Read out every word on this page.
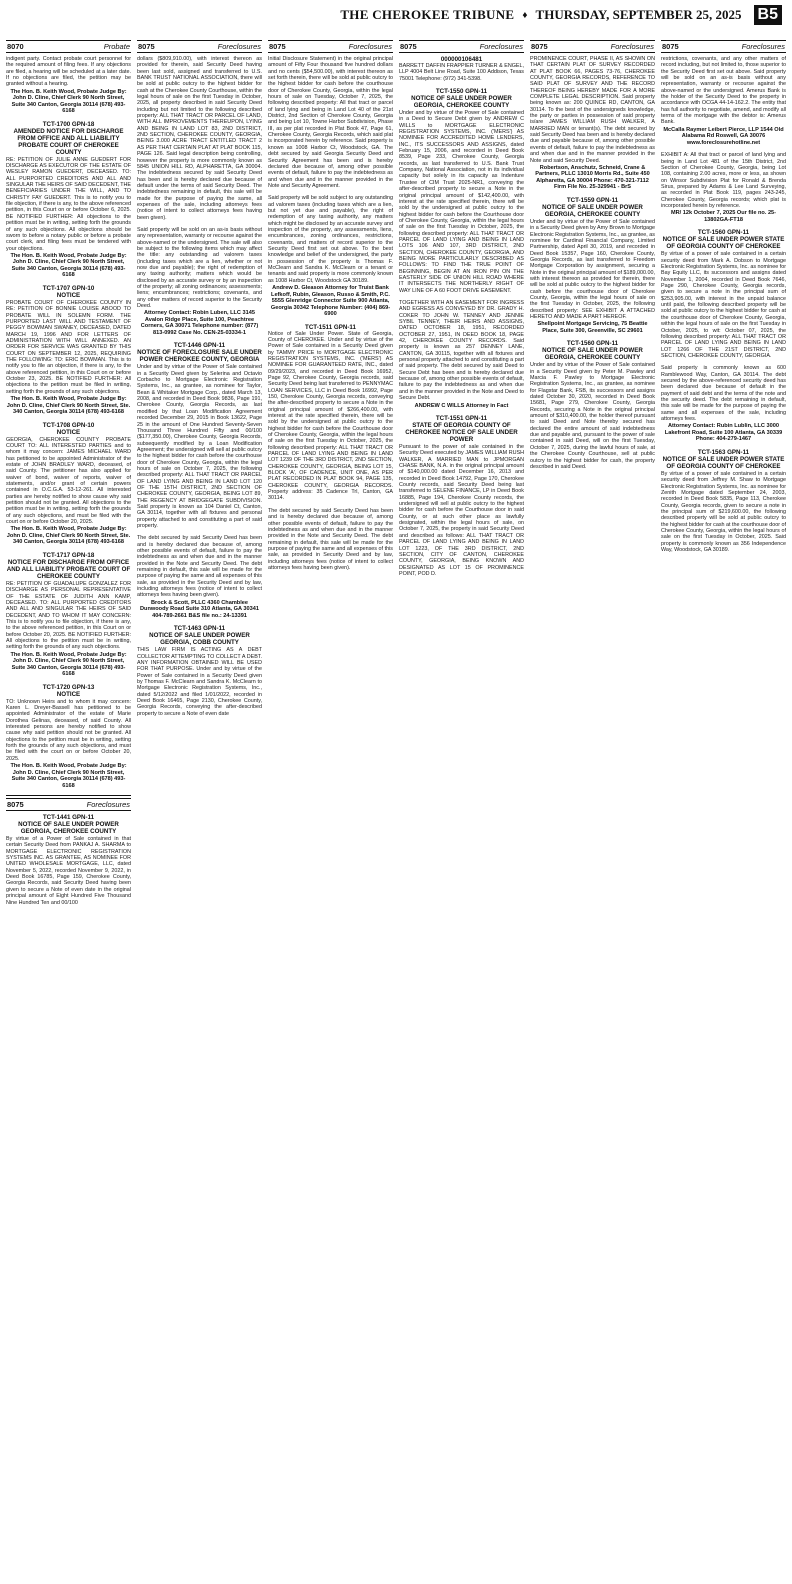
THE CHEROKEE TRIBUNE ♦ THURSDAY, SEPTEMBER 25, 2025 B5
8070	Probate
indigent party. Contact probate court personnel for the required amount of filing fees. If any objections are filed, a hearing will be scheduled at a later date. If no objections are filed, the petition may be granted without a hearing.
The Hon. B. Keith Wood, Probate Judge By: John D. Cline, Chief Clerk 90 North Street, Suite 340 Canton, Georgia 30114 (678) 493-6168
TCT-1700 GPN-18
AMENDED NOTICE FOR DISCHARGE FROM OFFICE AND ALL LIABILITY PROBATE COURT OF CHEROKEE COUNTY
RE: PETITION OF JULIE ANNE GUEDERT FOR DISCHARGE AS EXECUTOR OF THE ESTATE OF WESLEY RAMON GUEDERT, DECEASED. TO: ALL PURPORTED CREDITORS AND ALL AND SINGULAR THE HEIRS OF SAID DECEDENT, THE BENEFICIARIES UNDER THE WILL, AND TO CHRISTY FAY GUEDERT. This is to notify you to file objection, if there is any, to the above referenced petition, in this Court on or before October 6, 2025. BE NOTIFIED FURTHER: All objections to the petition must be in writing, setting forth the grounds of any such objections. All objections should be sworn to before a notary public or before a probate court clerk, and filing fees must be tendered with your objections.
The Hon. B. Keith Wood, Probate Judge By: John D. Cline, Chief Clerk 90 North Street, Suite 340 Canton, Georgia 30114 (678) 493-6168
TCT-1707 GPN-10
NOTICE
PROBATE COURT OF CHEROKEE COUNTY IN RE: PETITION OF BONNIE LOUISE ABOOD TO PROBATE WILL IN SOLEMN FORM. THE PURPORTED LAST WILL AND TESTAMENT OF PEGGY BOWMAN SWANEY, DECEASED, DATED MARCH 19, 1996 AND FOR LETTERS OF ADMINISTRATION WITH WILL ANNEXED. AN ORDER FOR SERVICE WAS GRANTED BY THIS COURT ON SEPTEMBER 12, 2025, REQUIRING THE FOLLOWING: TO: ERIC BOWMAN. This is to notify you to file an objection, if there is any, to the above referenced petition, in this Court on or before October 23, 2025. BE NOTIFIED FURTHER: All objections to the petition must be filed in writing, setting forth the grounds of any such objections.
The Hon. B. Keith Wood, Probate Judge By: John D. Cline, Chief Clerk 90 North Street, Ste. 340 Canton, Georgia 30114 (678) 493-6168
TCT-1708 GPN-10
NOTICE
GEORGIA, CHEROKEE COUNTY PROBATE COURT TO: ALL INTERESTED PARTIES and to whom it may concern: JAMES MICHAEL WARD has petitioned to be appointed Administrator of the estate of JOHN BRADLEY WARD, deceased, of said County. The petitioner has also applied for waiver of bond, waiver of reports, waiver of statements, and/or grant of certain powers contained in O.C.G.A. 53-12-261. All interested parties are hereby notified to show cause why said petition should not be granted. All objections to the petition must be in writing, setting forth the grounds of any such objections, and must be filed with the court on or before October 20, 2025.
The Hon. B. Keith Wood, Probate Judge By: John D. Cline, Chief Clerk 90 North Street, Ste. 340 Canton, Georgia 30114 (678) 493-6168
TCT-1717 GPN-18
NOTICE FOR DISCHARGE FROM OFFICE AND ALL LIABILITY PROBATE COURT OF CHEROKEE COUNTY
RE: PETITION OF GUADALUPE GONZALEZ FOR DISCHARGE AS PERSONAL REPRESENTATIVE OF THE ESTATE OF JUDITH ANN KAMP, DECEASED. TO: ALL PURPORTED CREDITORS AND ALL AND SINGULAR THE HEIRS OF SAID DECEDENT, AND TO WHOM IT MAY CONCERN: This is to notify you to file objection, if there is any, to the above referenced petition, in this Court on or before October 20, 2025. BE NOTIFIED FURTHER: All objections to the petition must be in writing, setting forth the grounds of any such objections.
The Hon. B. Keith Wood, Probate Judge By: John D. Cline, Chief Clerk 90 North Street, Suite 340 Canton, Georgia 30114 (678) 493-6168
TCT-1720 GPN-13
NOTICE
TO: Unknown Heirs and to whom it may concern: Karen L. Dreyer-Bassell has petitioned to be appointed Administrator of the estate of Marie Dorothea Gelinas, deceased, of said County. All interested persons are hereby notified to show cause why said petition should not be granted. All objections to the petition must be in writing, setting forth the grounds of any such objections, and must be filed with the court on or before October 20, 2025.
The Hon. B. Keith Wood, Probate Judge By: John D. Cline, Chief Clerk 90 North Street, Suite 340 Canton, Georgia 30114 (678) 493-6168
8075	Foreclosures
TCT-1441 GPN-11
NOTICE OF SALE UNDER POWER GEORGIA, CHEROKEE COUNTY
By virtue of a Power of Sale contained in that certain Security Deed from PANKAJ A. SHARMA to MORTGAGE ELECTRONIC REGISTRATION SYSTEMS INC. AS GRANTEE, AS NOMINEE FOR UNITED WHOLESALE MORTGAGE, LLC, dated November 5, 2022, recorded November 9, 2022, in Deed Book 16785, Page 159, Cherokee County, Georgia Records, said Security Deed having been given to secure a Note of even date in the original principal amount of Eight Hundred Five Thousand Nine Hundred Ten and 00/100
8075	Foreclosures
dollars ($809,910.00), with interest thereon as provided for therein, said Security Deed having been last sold, assigned and transferred to U.S. BANK TRUST NATIONAL ASSOCIATION, there will be sold at public outcry to the highest bidder for cash at the Cherokee County Courthouse, within the legal hours of sale on the first Tuesday in October, 2025, all property described in said Security Deed including but not limited to the following described property: ALL THAT TRACT OR PARCEL OF LAND, WITH ALL IMPROVEMENTS THEREUPON, LYING AND BEING IN LAND LOT 83, 2ND DISTRICT, 2ND SECTION, CHEROKEE COUNTY, GEORGIA, BEING 3.000 ACRE TRACT ENTITLED TRACT 2 AS PER THAT CERTAIN PLAT AT PLAT BOOK 115, PAGE 126. Said legal description being controlling, however the property is more commonly known as 5845 UNION HILL RD, ALPHARETTA, GA 30004. The indebtedness secured by said Security Deed has been and is hereby declared due because of default under the terms of said Security Deed. The indebtedness remaining in default, this sale will be made for the purpose of paying the same, all expenses of the sale, including attorneys fees (notice of intent to collect attorneys fees having been given).
Said property will be sold on an as-is basis without any representation, warranty or recourse against the above-named or the undersigned. The sale will also be subject to the following items which may affect the title: any outstanding ad valorem taxes (including taxes which are a lien, whether or not now due and payable); the right of redemption of any taxing authority; matters which would be disclosed by an accurate survey or by an inspection of the property; all zoning ordinances; assessments; liens; encumbrances; restrictions; covenants, and any other matters of record superior to the Security Deed.
Attorney Contact: Robin Luben, LLC 3145 Avalon Ridge Place, Suite 100, Peachtree Corners, GA 30071 Telephone number: (877) 813-0992 Case No. CEN-25-03334-1
TCT-1446 GPN-11
NOTICE OF FORECLOSURE SALE UNDER POWER CHEROKEE COUNTY, GEORGIA
Under and by virtue of the Power of Sale contained in a Security Deed given by Selerina and Octavio Corbacho to Mortgage Electronic Registration Systems, Inc., as grantee, as nominee for Taylor, Bean & Whitaker Mortgage Corp., dated March 13, 2008, and recorded in Deed Book 9836, Page 191, Cherokee County, Georgia Records, as last modified by that Loan Modification Agreement recorded December 29, 2015 in Book 13622, Page 25 in the amount of One Hundred Seventy-Seven Thousand Three Hundred Fifty and 00/100 ($177,350.00), Cherokee County, Georgia Records, subsequently modified by a Loan Modification Agreement; the undersigned will sell at public outcry to the highest bidder for cash before the courthouse door of Cherokee County, Georgia, within the legal hours of sale on October 7, 2025, the following described property: ALL THAT TRACT OR PARCEL OF LAND LYING AND BEING IN LAND LOT 120 OF THE 15TH DISTRICT, 2ND SECTION OF CHEROKEE COUNTY, GEORGIA, BEING LOT 89, THE REGENCY AT BRIDGEGATE SUBDIVISION. Said property is known as 104 Daniel Ct, Canton, GA 30114, together with all fixtures and personal property attached to and constituting a part of said property.
The debt secured by said Security Deed has been and is hereby declared due because of, among other possible events of default, failure to pay the indebtedness as and when due and in the manner provided in the Note and Security Deed. The debt remaining in default, this sale will be made for the purpose of paying the same and all expenses of this sale, as provided in the Security Deed and by law, including attorneys fees (notice of intent to collect attorneys fees having been given).
Brock & Scott, PLLC 4360 Chamblee Dunwoody Road Suite 310 Atlanta, GA 30341 404-789-2661 B&S file no.: 24-13391
TCT-1463 GPN-11
NOTICE OF SALE UNDER POWER GEORGIA, COBB COUNTY
THIS LAW FIRM IS ACTING AS A DEBT COLLECTOR ATTEMPTING TO COLLECT A DEBT. ANY INFORMATION OBTAINED WILL BE USED FOR THAT PURPOSE. Under and by virtue of the Power of Sale contained in a Security Deed given by Thomas F. McClearn and Sandra K. McClearn to Mortgage Electronic Registration Systems, Inc., dated 5/12/2022 and filed 1/01/2022, recorded in Deed Book 16465, Page 2130, Cherokee County, Georgia Records, conveying the after-described property to secure a Note of even date
8075	Foreclosures
Initial Disclosure Statement) in the original principal amount of Fifty Four thousand five hundred dollars and no cents ($54,500.00), with interest thereon as set forth therein, there will be sold at public outcry to the highest bidder for cash before the courthouse door of Cherokee County, Georgia, within the legal hours of sale on Tuesday, October 7, 2025, the following described property: All that tract or parcel of land lying and being in Land Lot 40 of the 21st District, 2nd Section of Cherokee County, Georgia and being Lot 10, Towne Harbor Subdivision, Phase III, as per plat recorded in Plat Book 47, Page 61, Cherokee County, Georgia Records, which said plat is incorporated herein by reference. Said property is known as 1008 Harbor Ct, Woodstock, GA. The debt secured by said Georgia Security Deed and Security Agreement has been and is hereby declared due because of, among other possible events of default, failure to pay the indebtedness as and when due and in the manner provided in the Note and Security Agreement.
Said property will be sold subject to any outstanding ad valorem taxes (including taxes which are a lien, but not yet due and payable), the right of redemption of any taxing authority, any matters which might be disclosed by an accurate survey and inspection of the property, any assessments, liens, encumbrances, zoning ordinances, restrictions, covenants, and matters of record superior to the Security Deed first set out above. To the best knowledge and belief of the undersigned, the party in possession of the property is Thomas F. McClearn and Sandra K. McClearn or a tenant or tenants and said property is more commonly known as 1008 Harbor Ct, Woodstock GA 30189.
Andrew D. Gleason Attorney for Truist Bank Lefkoff, Rubin, Gleason, Russo & Smith, P.C. 5555 Glenridge Connector Suite 900 Atlanta, Georgia 30342 Telephone Number: (404) 869-6900
TCT-1511 GPN-11
Notice of Sale Under Power. State of Georgia, County of CHEROKEE. Under and by virtue of the Power of Sale contained in a Security Deed given by TAMMY PRICE to MORTGAGE ELECTRONIC REGISTRATION SYSTEMS, INC. ('MERS') AS NOMINEE FOR GUARANTEED RATE, INC., dated 09/29/2023, and recorded in Deed Book 16952, Page 92, Cherokee County, Georgia records, said Security Deed being last transferred to PENNYMAC LOAN SERVICES, LLC in Deed Book 16992, Page 150, Cherokee County, Georgia records, conveying the after-described property to secure a Note in the original principal amount of $266,400.00, with interest at the rate specified therein, there will be sold by the undersigned at public outcry to the highest bidder for cash before the Courthouse door of Cherokee County, Georgia, within the legal hours of sale on the first Tuesday in October, 2025, the following described property: ALL THAT TRACT OR PARCEL OF LAND LYING AND BEING IN LAND LOT 1239 OF THE 3RD DISTRICT, 2ND SECTION, CHEROKEE COUNTY, GEORGIA, BEING LOT 15, BLOCK 'A', OF CADENCE, UNIT ONE, AS PER PLAT RECORDED IN PLAT BOOK 94, PAGE 135, CHEROKEE COUNTY, GEORGIA RECORDS. Property address: 35 Cadence Trl, Canton, GA 30114.
The debt secured by said Security Deed has been and is hereby declared due because of, among other possible events of default, failure to pay the indebtedness as and when due and in the manner provided in the Note and Security Deed. The debt remaining in default, this sale will be made for the purpose of paying the same and all expenses of this sale, as provided in Security Deed and by law, including attorneys fees (notice of intent to collect attorneys fees having been given).
8075	Foreclosures
000000106481
BARRETT DAFFIN FRAPPIER TURNER & ENGEL, LLP 4004 Belt Line Road, Suite 100 Addison, Texas 75001 Telephone: (972) 341-5398.
TCT-1550 GPN-11
NOTICE OF SALE UNDER POWER GEORGIA, CHEROKEE COUNTY
Under and by virtue of the Power of Sale contained in a Deed to Secure Debt given by ANDREW C WILLS to MORTGAGE ELECTRONIC REGISTRATION SYSTEMS, INC. ('MERS') AS NOMINEE FOR ACCREDITED HOME LENDERS, INC., ITS SUCCESSORS AND ASSIGNS, dated February 15, 2006, and recorded in Deed Book 8539, Page 233, Cherokee County, Georgia records, as last transferred to U.S. Bank Trust Company, National Association, not in its individual capacity but solely in its capacity as Indenture Trustee of CIM Trust 2025-NR1, conveying the after-described property to secure a Note in the original principal amount of $142,400.00, with interest at the rate specified therein, there will be sold by the undersigned at public outcry to the highest bidder for cash before the Courthouse door of Cherokee County, Georgia, within the legal hours of sale on the first Tuesday in October, 2025, the following described property: ALL THAT TRACT OR PARCEL OF LAND LYING AND BEING IN LAND LOTS 106 AND 107, 3RD DISTRICT, 2ND SECTION, CHEROKEE COUNTY, GEORGIA, AND BEING MORE PARTICULARLY DESCRIBED AS FOLLOWS: TO FIND THE TRUE POINT OF BEGINNING, BEGIN AT AN IRON PIN ON THE EASTERLY SIDE OF UNION HILL ROAD WHERE IT INTERSECTS THE NORTHERLY RIGHT OF WAY LINE OF A 60 FOOT DRIVE EASEMENT.
TOGETHER WITH AN EASEMENT FOR INGRESS AND EGRESS AS CONVEYED BY DR. GRADY H. COKER TO JOHN W. TENNEY AND JENNIE SYBIL TENNEY, THEIR HEIRS AND ASSIGNS, DATED OCTOBER 18, 1951, RECORDED OCTOBER 27, 1951, IN DEED BOOK 18, PAGE 42, CHEROKEE COUNTY RECORDS. Said property is known as 257 DENNEY LANE, CANTON, GA 30115, together with all fixtures and personal property attached to and constituting a part of said property. The debt secured by said Deed to Secure Debt has been and is hereby declared due because of, among other possible events of default, failure to pay the indebtedness as and when due and in the manner provided in the Note and Deed to Secure Debt.
ANDREW C WILLS Attorney in Fact
TCT-1551 GPN-11
STATE OF GEORGIA COUNTY OF CHEROKEE NOTICE OF SALE UNDER POWER
Pursuant to the power of sale contained in the Security Deed executed by JAMES WILLIAM RUSH WALKER, A MARRIED MAN to JPMORGAN CHASE BANK, N.A. in the original principal amount of $140,000.00 dated December 16, 2013 and recorded in Deed Book 14792, Page 170, Cherokee County records, said Security Deed being last transferred to SELENE FINANCE, LP in Deed Book 16885, Page 194, Cherokee County records, the undersigned will sell at public outcry to the highest bidder for cash before the Courthouse door in said County, or at such other place as lawfully designated, within the legal hours of sale, on October 7, 2025, the property in said Security Deed and described as follows: ALL THAT TRACT OR PARCEL OF LAND LYING AND BEING IN LAND LOT 1223, OF THE 3RD DISTRICT, 2ND SECTION, CITY OF CANTON, CHEROKEE COUNTY, GEORGIA, BEING KNOWN AND DESIGNATED AS LOT 15 OF PROMINENCE POINT, POD D.
8075	Foreclosures
PROMINENCE COURT, PHASE II, AS SHOWN ON THAT CERTAIN PLAT OF SURVEY RECORDED AT PLAT BOOK 66, PAGES 73-76, CHEROKEE COUNTY, GEORGIA RECORDS, REFERENCE TO SAID PLAT OF SURVEY AND THE RECORD THEREOF BEING HEREBY MADE FOR A MORE COMPLETE LEGAL DESCRIPTION. Said property being known as: 200 QUINCE RD, CANTON, GA 30114. To the best of the undersigneds knowledge, the party or parties in possession of said property is/are JAMES WILLIAM RUSH WALKER, A MARRIED MAN or tenant(s). The debt secured by said Security Deed has been and is hereby declared due and payable because of, among other possible events of default, failure to pay the indebtedness as and when due and in the manner provided in the Note and said Security Deed.
Robertson, Anschutz, Schneid, Crane & Partners, PLLC 13010 Morris Rd., Suite 450 Alpharetta, GA 30004 Phone: 470-321-7112 Firm File No. 25-329941 - BrS
TCT-1559 GPN-11
NOTICE OF SALE UNDER POWER GEORGIA, CHEROKEE COUNTY
Under and by virtue of the Power of Sale contained in a Security Deed given by Amy Brown to Mortgage Electronic Registration Systems, Inc., as grantee, as nominee for Cardinal Financial Company, Limited Partnership, dated April 30, 2019, and recorded in Deed Book 15357, Page 160, Cherokee County, Georgia Records, as last transferred to Freedom Mortgage Corporation by assignment, securing a Note in the original principal amount of $189,000.00, with interest thereon as provided for therein, there will be sold at public outcry to the highest bidder for cash before the courthouse door of Cherokee County, Georgia, within the legal hours of sale on the first Tuesday in October, 2025, the following described property: SEE EXHIBIT A ATTACHED HERETO AND MADE A PART HEREOF.
Shellpoint Mortgage Servicing, 75 Beattie Place, Suite 300, Greenville, SC 29601
TCT-1560 GPN-11
NOTICE OF SALE UNDER POWER GEORGIA, CHEROKEE COUNTY
Under and by virtue of the Power of Sale contained in a Security Deed given by Peter M. Pawley and Marcia F. Pawley to Mortgage Electronic Registration Systems, Inc., as grantee, as nominee for Flagstar Bank, FSB, its successors and assigns dated October 30, 2020, recorded in Deed Book 15681, Page 279, Cherokee County, Georgia Records, securing a Note in the original principal amount of $310,400.00, the holder thereof pursuant to said Deed and Note thereby secured has declared the entire amount of said indebtedness due and payable and, pursuant to the power of sale contained in said Deed, will on the first Tuesday, October 7, 2025, during the lawful hours of sale, at the Cherokee County Courthouse, sell at public outcry to the highest bidder for cash, the property described in said Deed.
8075	Foreclosures
restrictions, covenants, and any other matters of record including, but not limited to, those superior to the Security Deed first set out above. Said property will be sold on an as-is basis without any representation, warranty or recourse against the above-named or the undersigned. Amerus Bank is the holder of the Security Deed to the property in accordance with OCGA 44-14-162.2. The entity that has full authority to negotiate, amend, and modify all terms of the mortgage with the debtor is: Amerus Bank.
McCalla Raymer Leibert Pierce, LLP 1544 Old Alabama Rd Roswell, GA 30076 www.foreclosurehotline.net
EXHIBIT A: All that tract or parcel of land lying and being in Land Lot 481 of the 15th District, 2nd Section of Cherokee County, Georgia, being Lot 108, containing 2.00 acres, more or less, as shown on Winsor Subdivision Plat for Ronald & Brenda Sirus, prepared by Adams & Lee Land Surveying, as recorded in Plat Book 119, pages 243-245, Cherokee County, Georgia records; which plat is incorporated herein by reference.
MR/ 12k October 7, 2025 Our file no. 25-13802GA-FT18
TCT-1560 GPN-11
NOTICE OF SALE UNDER POWER STATE OF GEORGIA COUNTY OF CHEROKEE
By virtue of a power of sale contained in a certain security deed from Mark A. Dobson to Mortgage Electronic Registration Systems, Inc. as nominee for Bay Equity LLC, its successors and assigns dated November 1, 2004, recorded in Deed Book 7646, Page 290, Cherokee County, Georgia records, given to secure a note in the principal sum of $253,905.00, with interest in the unpaid balance until paid, the following described property will be sold at public outcry to the highest bidder for cash at the courthouse door of Cherokee County, Georgia, within the legal hours of sale on the first Tuesday in October, 2025, to wit: October 07, 2025, the following described property: ALL THAT TRACT OR PARCEL OF LAND LYING AND BEING IN LAND LOT 1266 OF THE 21ST DISTRICT, 2ND SECTION, CHEROKEE COUNTY, GEORGIA.
Said property is commonly known as 600 Ramblewood Way, Canton, GA 30114. The debt secured by the above-referenced security deed has been declared due because of default in the payment of said debt and the terms of the note and the security deed. The debt remaining in default, this sale will be made for the purpose of paying the same and all expenses of the sale, including attorneys fees.
Attorney Contact: Rubin Lublin, LLC 3000 Lakefront Road, Suite 100 Atlanta, GA 30339 Phone: 404-279-1467
TCT-1563 GPN-11
NOTICE OF SALE UNDER POWER STATE OF GEORGIA COUNTY OF CHEROKEE
By virtue of a power of sale contained in a certain security deed from Jeffrey M. Shaw to Mortgage Electronic Registration Systems, Inc. as nominee for Zenith Mortgage dated September 24, 2003, recorded in Deed Book 5835, Page 113, Cherokee County, Georgia records, given to secure a note in the principal sum of $219,600.00, the following described property will be sold at public outcry to the highest bidder for cash at the courthouse door of Cherokee County, Georgia, within the legal hours of sale on the first Tuesday in October, 2025. Said property is commonly known as 356 Independence Way, Woodstock, GA 30189.
